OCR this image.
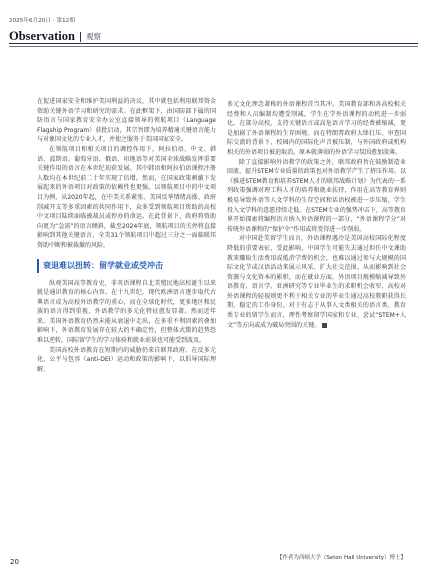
2025年6月20日 · 第12期
Observation 观察

在促进国家安全和维护美国利益的决议，其中就包括利用联邦资金资助关键外语学习和研究的需求。在此框架下，由国防部下属的国防语言与国家教育安全办公室直接领导的领航项目（Language Flagship Program）获批启动，其宗旨即为培养精通关键语言能力与对象国文化的专业人才，并使之服务于美国国家安全。

在领航项目和相关项目的调控作用下，阿拉伯语、中文、韩语、波斯语、葡萄牙语、俄语、印地语等对美国全球战略发挥重要关键作用的语言在本世纪初获发展。其中韩语和阿拉伯语课程注册人数均在本世纪前二十年实现了倍增。然而，在国家政策刺激下发展起来的外语项目对政策的依赖性也更强。以领航项目中的中文项目为例，从2020年起，在中美关系紧张、美国反华情绪高涨、政府削减开支等多重因素的共同作用下，众多受到领航项目资助的高校中文项目陆续面临被裁员或停办的命运。在此背景下，政府将资助向更为“急需”的语言倾斜，截至2024年底，领航项目的关停将直接影响到其他关键语言，全美31个领航项目中超过三分之一面临联邦资助中断和被裁撤的风险。

衰退难以扭转：留学就业或受冲击

纵观美国高等教育史，非英语课程自北美殖民地高校诞生以来就是通识教育的核心内容。在十九世纪，现代欧洲语言逐步取代古典语言成为高校外语教学的重心，而在全球化时代，更多地区和民族的语言得到重视，外语教学的多元化特征愈发显著。然而近年来，美国外语教育仍然未能从衰退中走出，在多重不利因素的叠加影响下，外语教育发展存在较大的不确定性，但整体式微的趋势恐难以逆转，国际留学生的学习体验和就业前景也可能受到波及。

美国高校外语教育在短期内的威胁仍来自联邦政府。在反多元化、公平与包容（anti-DEI）运动和政策的影响下，以倡导国际理解、

多元文化理念著称的外语课程首当其冲。美国教育部和各高校相关经费和人员编制均遭受削减，学生在学外语课程的动机进一步弱化。在部分高校，支持关键语言或高危语言学习的经费被缩减，更是加剧了外语课程的生存困境。而在特朗普政府大肆打压、审查国际交流的背景下，校园内的国际化声音被压制，与外国政府或机构相关的外语项目被迫取消，原本就薄弱的外语学习氛围愈加淡薄。

除了直接影响外语教学的政策之外，联邦政府旨在鼓励制造业回流、提升STEM专业质量的政策也对外语教学产生了挤压作用。以《推进STEM教育和培养STEM人才的联邦战略计划》为代表的一系列政策强调对理工科人才的培养和就业扶持，作用在高等教育界则极易导致外语等人文学科的生存空间和话语权被进一步压缩，学生投入文学科的意愿持续走低。在STEM专业的强势冲击下，高等教育界开始探索将编程语言纳入外语课程的一部分，“外语课程学分”对传统外语课程的“保护伞”作用或将变得进一步削弱。

对中国赴美留学生而言，外语课程遇冷是美国高校国际化程度降低的重要表征，受此影响，中国学生可能失去通过担任中文课助教来赚取生活费用或抵消学费的机会，也难以通过参与大规模的国际文化节或汉语活动来展示风采、扩大社交范围。从而影响到社会资源与文化资本的累积。而在就业方面，外语项目规模缩减导致外语教育、语言学、亚洲研究等专业毕业生的求职机会收窄，高校对外语课程的轻视则更不利于相关专业的毕业生通过高校教职获得长期、稳定的工作身份。对于有志于从事人文类相关的语言类、教育类专业的留学生而言，理性考察留学国家和专业、尝试“STEM+人文”等方向或成为破局突围的关键。

【作者为西顿大学（Seton Hall University）博士】
20
